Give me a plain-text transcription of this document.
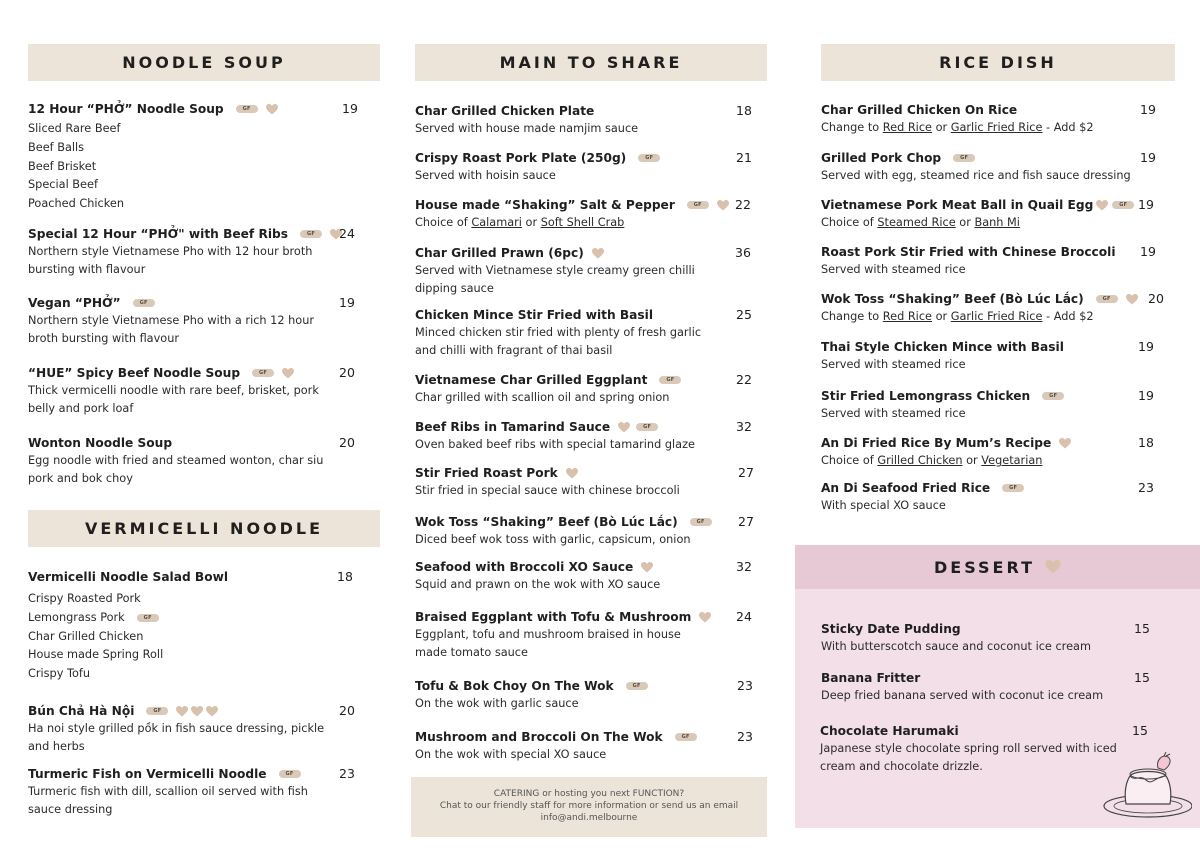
NOODLE SOUP
12 Hour “PHỞ” Noodle Soup	GF	19
Sliced Rare Beef
Beef Balls
Beef Brisket
Special Beef
Poached Chicken
Special 12 Hour “PHỞ" with Beef Ribs	GF	24
Northern style Vietnamese Pho with 12 hour broth
bursting with flavour
Vegan “PHỞ”	GF	19
Northern style Vietnamese Pho with a rich 12 hour
broth bursting with flavour
“HUE” Spicy Beef Noodle Soup	GF	20
Thick vermicelli noodle with rare beef, brisket, pork
belly and pork loaf
Wonton Noodle Soup	20
Egg noodle with fried and steamed wonton, char siu
pork and bok choy
VERMICELLI NOODLE
Vermicelli Noodle Salad Bowl	18
Crispy Roasted Pork
Lemongrass Pork	GF
Char Grilled Chicken
House made Spring Roll
Crispy Tofu
Bún Chả Hà Nội	GF	20
Ha noi style grilled pồk in fish sauce dressing, pickle
and herbs
Turmeric Fish on Vermicelli Noodle	GF	23
Turmeric fish with dill, scallion oil served with fish
sauce dressing
MAIN TO SHARE
Char Grilled Chicken Plate	18
Served with house made namjim sauce
Crispy Roast Pork Plate (250g)	GF	21
Served with hoisin sauce
House made “Shaking” Salt & Pepper	GF	22
Choice of Calamari or Soft Shell Crab
Char Grilled Prawn (6pc)	36
Served with Vietnamese style creamy green chilli
dipping sauce
Chicken Mince Stir Fried with Basil	25
Minced chicken stir fried with plenty of fresh garlic
and chilli with fragrant of thai basil
Vietnamese Char Grilled Eggplant	GF	22
Char grilled with scallion oil and spring onion
Beef Ribs in Tamarind Sauce	GF	32
Oven baked beef ribs with special tamarind glaze
Stir Fried Roast Pork	27
Stir fried in special sauce with chinese broccoli
Wok Toss “Shaking” Beef (Bò Lúc Lắc)	GF	27
Diced beef wok toss with garlic, capsicum, onion
Seafood with Broccoli XO Sauce	32
Squid and prawn on the wok with XO sauce
Braised Eggplant with Tofu & Mushroom	24
Eggplant, tofu and mushroom braised in house
made tomato sauce
Tofu & Bok Choy On The Wok	GF	23
On the wok with garlic sauce
Mushroom and Broccoli On The Wok	GF	23
On the wok with special XO sauce
CATERING or hosting you next FUNCTION?
Chat to our friendly staff for more information or send us an email
info@andi.melbourne
RICE DISH
Char Grilled Chicken On Rice	19
Change to Red Rice or Garlic Fried Rice - Add $2
Grilled Pork Chop	GF	19
Served with egg, steamed rice and fish sauce dressing
Vietnamese Pork Meat Ball in Quail Egg	GF 19
Choice of Steamed Rice or Banh Mi
Roast Pork Stir Fried with Chinese Broccoli 19
Served with steamed rice
Wok Toss “Shaking” Beef (Bò Lúc Lắc)	GF	20
Change to Red Rice or Garlic Fried Rice - Add $2
Thai Style Chicken Mince with Basil	19
Served with steamed rice
Stir Fried Lemongrass Chicken	GF	19
Served with steamed rice
An Di Fried Rice By Mum’s Recipe	18
Choice of Grilled Chicken or Vegetarian
An Di Seafood Fried Rice	GF	23
With special XO sauce
DESSERT
Sticky Date Pudding	15
With butterscotch sauce and coconut ice cream
Banana Fritter	15
Deep fried banana served with coconut ice cream
Chocolate Harumaki	15
Japanese style chocolate spring roll served with iced
cream and chocolate drizzle.
